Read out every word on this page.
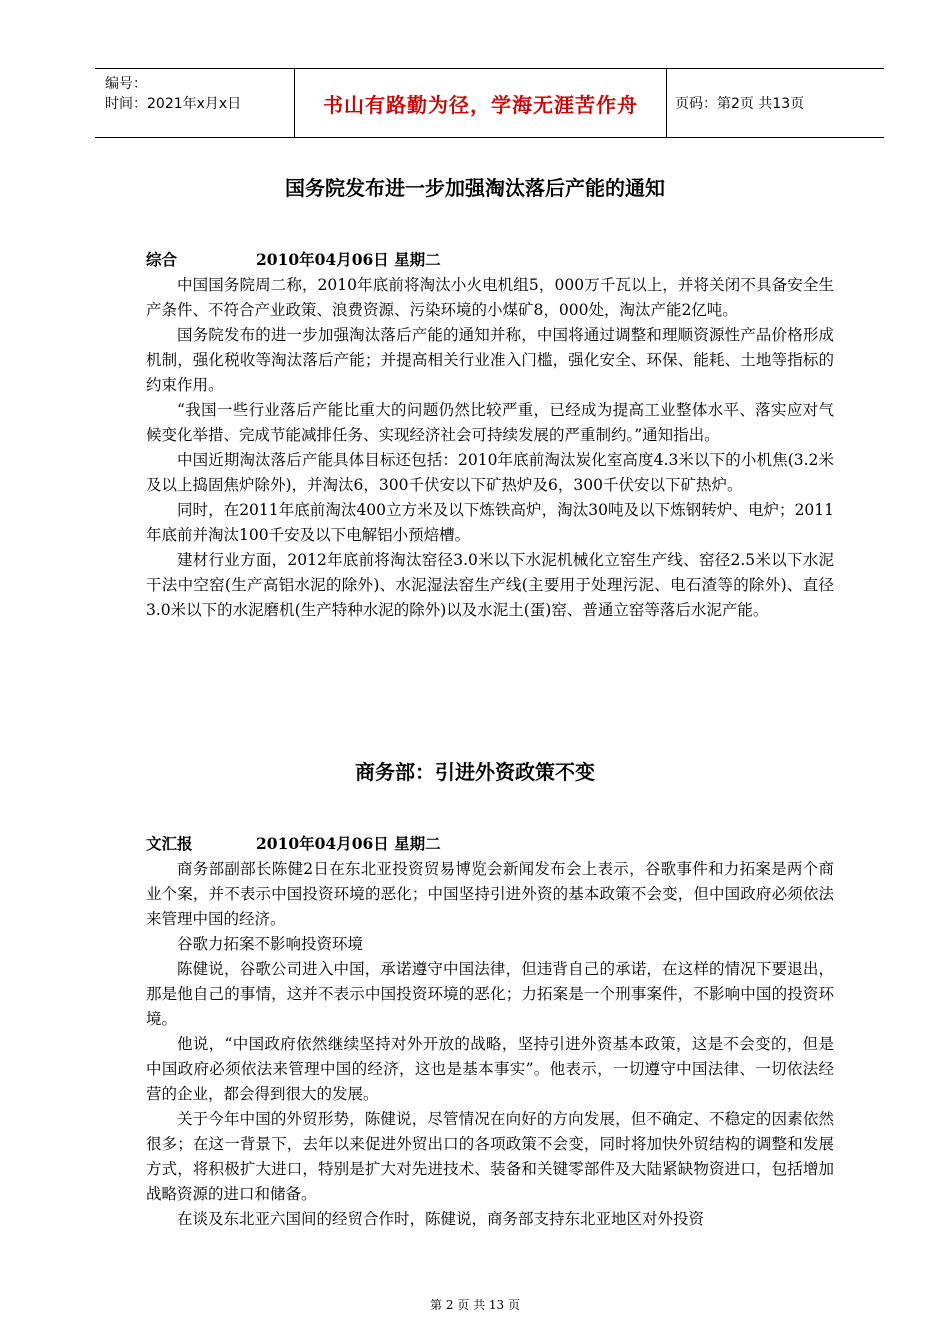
编号：
时间：2021年x月x日	书山有路勤为径，学海无涯苦作舟	页码：第2页 共13页
国务院发布进一步加强淘汰落后产能的通知
综合	2010年04月06日 星期二

中国国务院周二称，2010年底前将淘汰小火电机组5，000万千瓦以上，并将关闭不具备安全生产条件、不符合产业政策、浪费资源、污染环境的小煤矿8，000处，淘汰产能2亿吨。

国务院发布的进一步加强淘汰落后产能的通知并称，中国将通过调整和理顺资源性产品价格形成机制，强化税收等淘汰落后产能；并提高相关行业准入门槛，强化安全、环保、能耗、土地等指标的约束作用。

“我国一些行业落后产能比重大的问题仍然比较严重，已经成为提高工业整体水平、落实应对气候变化举措、完成节能减排任务、实现经济社会可持续发展的严重制约。”通知指出。

中国近期淘汰落后产能具体目标还包括：2010年底前淘汰炭化室高度4.3米以下的小机焦(3.2米及以上捣固焦炉除外)，并淘汰6，300千伏安以下矿热炉及6，300千伏安以下矿热炉。

同时，在2011年底前淘汰400立方米及以下炼铁高炉，淘汰30吨及以下炼钢转炉、电炉；2011年底前并淘汰100千安及以下电解铝小预焙槽。

建材行业方面，2012年底前将淘汰窑径3.0米以下水泥机械化立窑生产线、窑径2.5米以下水泥干法中空窑(生产高铝水泥的除外)、水泥湿法窑生产线(主要用于处理污泥、电石渣等的除外)、直径3.0米以下的水泥磨机(生产特种水泥的除外)以及水泥土(蛋)窑、普通立窑等落后水泥产能。

商务部：引进外资政策不变
文汇报	2010年04月06日 星期二

商务部副部长陈健2日在东北亚投资贸易博览会新闻发布会上表示，谷歌事件和力拓案是两个商业个案，并不表示中国投资环境的恶化；中国坚持引进外资的基本政策不会变，但中国政府必须依法来管理中国的经济。

谷歌力拓案不影响投资环境

陈健说，谷歌公司进入中国，承诺遵守中国法律，但违背自己的承诺，在这样的情况下要退出，那是他自己的事情，这并不表示中国投资环境的恶化；力拓案是一个刑事案件，不影响中国的投资环境。

他说，“中国政府依然继续坚持对外开放的战略，坚持引进外资基本政策，这是不会变的，但是中国政府必须依法来管理中国的经济，这也是基本事实”。他表示，一切遵守中国法律、一切依法经营的企业，都会得到很大的发展。

关于今年中国的外贸形势，陈健说，尽管情况在向好的方向发展，但不确定、不稳定的因素依然很多；在这一背景下，去年以来促进外贸出口的各项政策不会变，同时将加快外贸结构的调整和发展方式，将积极扩大进口，特别是扩大对先进技术、装备和关键零部件及大陆紧缺物资进口，包括增加战略资源的进口和储备。

在谈及东北亚六国间的经贸合作时，陈健说，商务部支持东北亚地区对外投资

第 2 页 共 13 页
